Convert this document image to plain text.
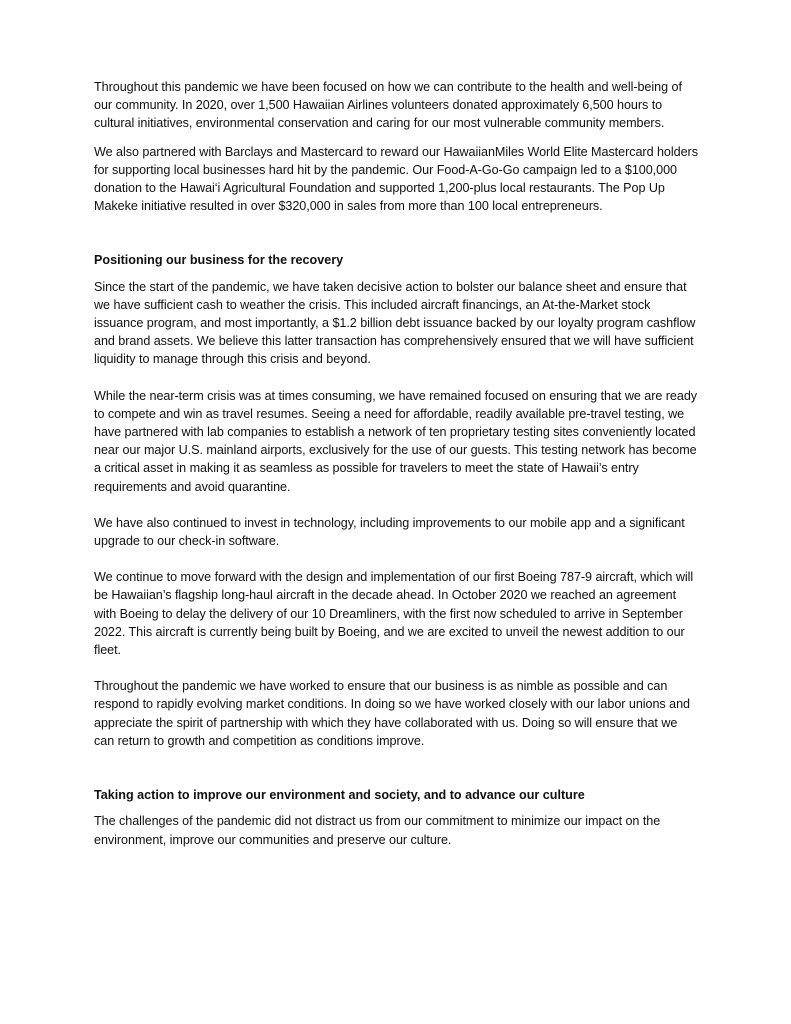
Throughout this pandemic we have been focused on how we can contribute to the health and well-being of our community. In 2020, over 1,500 Hawaiian Airlines volunteers donated approximately 6,500 hours to cultural initiatives, environmental conservation and caring for our most vulnerable community members.

We also partnered with Barclays and Mastercard to reward our HawaiianMiles World Elite Mastercard holders for supporting local businesses hard hit by the pandemic. Our Food-A-Go-Go campaign led to a $100,000 donation to the Hawai‘i Agricultural Foundation and supported 1,200-plus local restaurants. The Pop Up Makeke initiative resulted in over $320,000 in sales from more than 100 local entrepreneurs.

Positioning our business for the recovery

Since the start of the pandemic, we have taken decisive action to bolster our balance sheet and ensure that we have sufficient cash to weather the crisis. This included aircraft financings, an At-the-Market stock issuance program, and most importantly, a $1.2 billion debt issuance backed by our loyalty program cashflow and brand assets. We believe this latter transaction has comprehensively ensured that we will have sufficient liquidity to manage through this crisis and beyond.

While the near-term crisis was at times consuming, we have remained focused on ensuring that we are ready to compete and win as travel resumes. Seeing a need for affordable, readily available pre-travel testing, we have partnered with lab companies to establish a network of ten proprietary testing sites conveniently located near our major U.S. mainland airports, exclusively for the use of our guests. This testing network has become a critical asset in making it as seamless as possible for travelers to meet the state of Hawaii’s entry requirements and avoid quarantine.

We have also continued to invest in technology, including improvements to our mobile app and a significant upgrade to our check-in software.

We continue to move forward with the design and implementation of our first Boeing 787-9 aircraft, which will be Hawaiian’s flagship long-haul aircraft in the decade ahead. In October 2020 we reached an agreement with Boeing to delay the delivery of our 10 Dreamliners, with the first now scheduled to arrive in September 2022. This aircraft is currently being built by Boeing, and we are excited to unveil the newest addition to our fleet.

Throughout the pandemic we have worked to ensure that our business is as nimble as possible and can respond to rapidly evolving market conditions. In doing so we have worked closely with our labor unions and appreciate the spirit of partnership with which they have collaborated with us. Doing so will ensure that we can return to growth and competition as conditions improve.

Taking action to improve our environment and society, and to advance our culture

The challenges of the pandemic did not distract us from our commitment to minimize our impact on the environment, improve our communities and preserve our culture.
